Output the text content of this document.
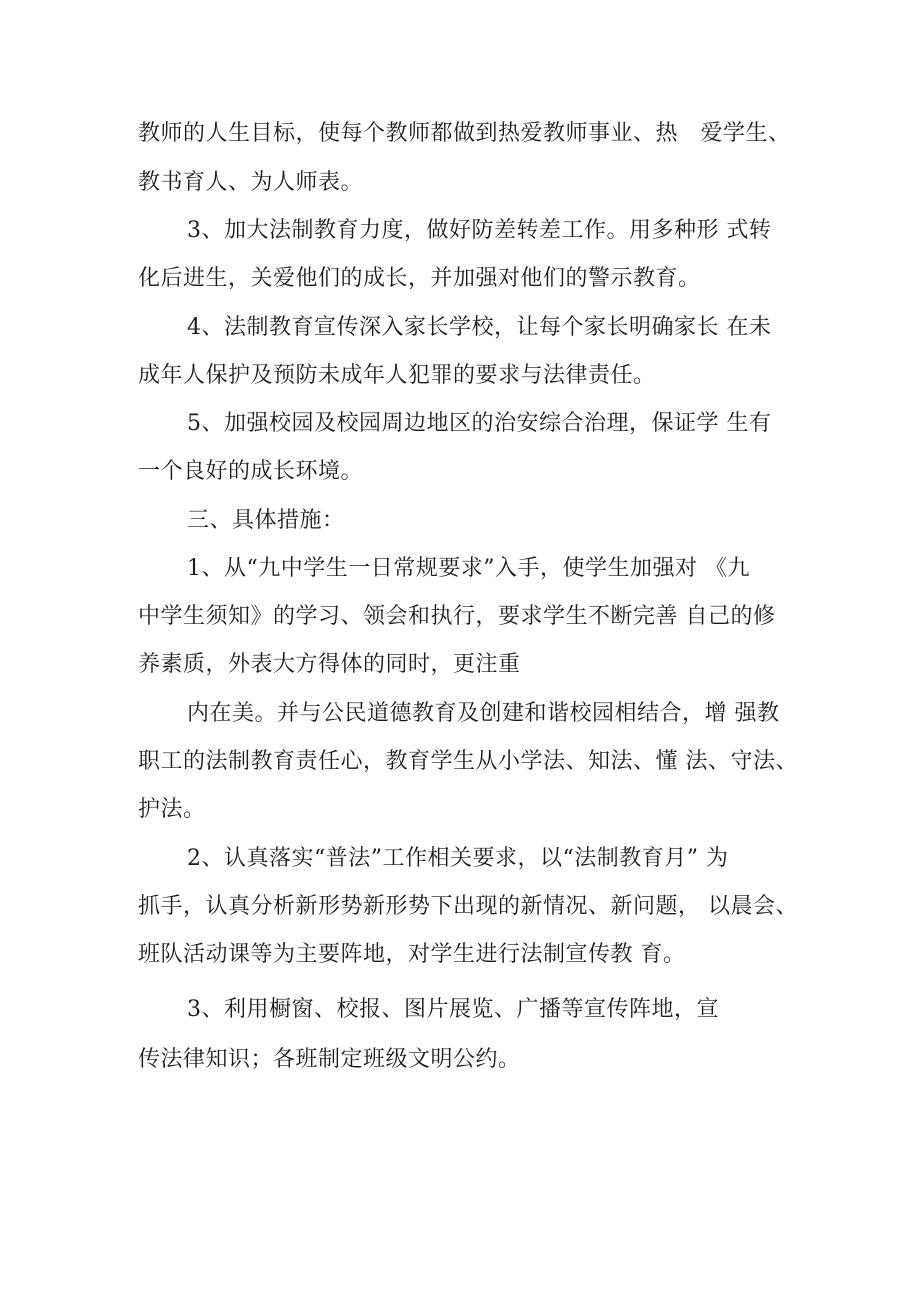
教师的人生目标，使每个教师都做到热爱教师事业、热　爱学生、
教书育人、为人师表。
3、加大法制教育力度，做好防差转差工作。用多种形 式转
化后进生，关爱他们的成长，并加强对他们的警示教育。
4、法制教育宣传深入家长学校，让每个家长明确家长 在未
成年人保护及预防未成年人犯罪的要求与法律责任。
5、加强校园及校园周边地区的治安综合治理，保证学 生有
一个良好的成长环境。
三、具体措施：
1、从“九中学生一日常规要求”入手，使学生加强对 《九
中学生须知》的学习、领会和执行，要求学生不断完善 自己的修
养素质，外表大方得体的同时，更注重
内在美。并与公民道德教育及创建和谐校园相结合，增 强教
职工的法制教育责任心，教育学生从小学法、知法、懂 法、守法、
护法。
2、认真落实“普法”工作相关要求，以“法制教育月” 为
抓手，认真分析新形势新形势下出现的新情况、新问题， 以晨会、
班队活动课等为主要阵地，对学生进行法制宣传教 育。
3、利用橱窗、校报、图片展览、广播等宣传阵地，宣
传法律知识；各班制定班级文明公约。
